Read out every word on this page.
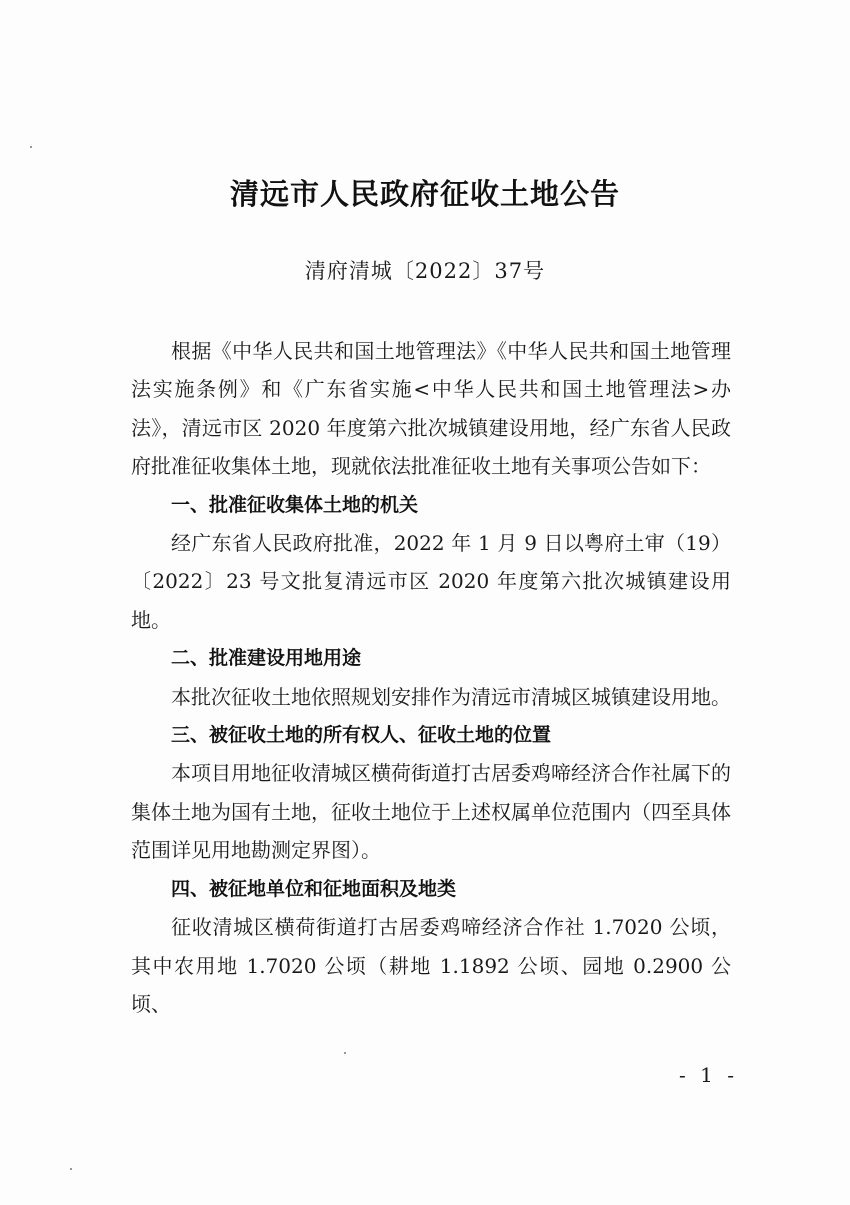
清远市人民政府征收土地公告
清府清城〔2022〕37号

根据《中华人民共和国土地管理法》《中华人民共和国土地管理法实施条例》和《广东省实施<中华人民共和国土地管理法>办法》，清远市区 2020 年度第六批次城镇建设用地，经广东省人民政府批准征收集体土地，现就依法批准征收土地有关事项公告如下：

一、批准征收集体土地的机关

经广东省人民政府批准，2022 年 1 月 9 日以粤府土审（19）〔2022〕23 号文批复清远市区 2020 年度第六批次城镇建设用地。

二、批准建设用地用途

本批次征收土地依照规划安排作为清远市清城区城镇建设用地。

三、被征收土地的所有权人、征收土地的位置

本项目用地征收清城区横荷街道打古居委鸡啼经济合作社属下的集体土地为国有土地，征收土地位于上述权属单位范围内（四至具体范围详见用地勘测定界图）。

四、被征地单位和征地面积及地类

征收清城区横荷街道打古居委鸡啼经济合作社 1.7020 公顷，其中农用地 1.7020 公顷（耕地 1.1892 公顷、园地 0.2900 公顷、

- 1 -
